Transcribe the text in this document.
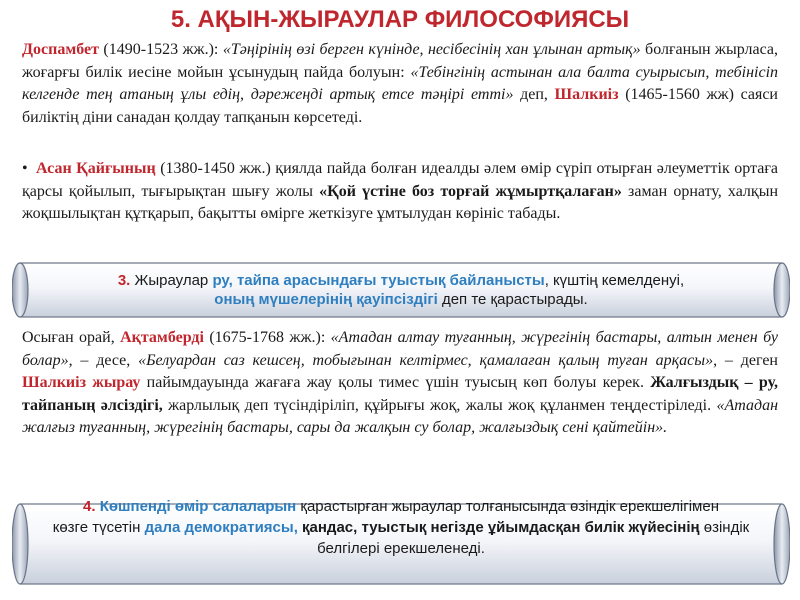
5. АҚЫН-ЖЫРАУЛАР ФИЛОСОФИЯСЫ

Доспамбет (1490-1523 жж.): «Тәңірінің өзі берген күнінде, несібесінің хан ұлынан артық» болғанын жырласа, жоғарғы билік иесіне мойын ұсынудың пайда болуын: «Тебінгінің астынан ала балта суырысып, тебінісіп келгенде тең атаның ұлы едің, дәрежеңді артық етсе тәңірі етті» деп, Шалкиіз (1465-1560 жж) саяси биліктің діни санадан қолдау тапқанын көрсетеді.

• Асан Қайғының (1380-1450 жж.) қиялда пайда болған идеалды әлем өмір сүріп отырған әлеуметтік ортаға қарсы қойылып, тығырықтан шығу жолы «Қой үстіне боз торғай жұмыртқалаған» заман орнату, халқын жоқшылықтан құтқарып, бақытты өмірге жеткізуге ұмтылудан көрініс табады.

3. Жыраулар ру, тайпа арасындағы туыстық байланысты, күштің кемелденуі,
оның мүшелерінің қауіпсіздігі деп те қарастырады.

Осыған орай, Ақтамберді (1675-1768 жж.): «Атадан алтау туғанның, жүрегінің бастары, алтын менен бу болар», – десе, «Белуардан саз кешсең, тобығынан келтірмес, қамалаған қалың туған арқасы», – деген Шалкиіз жырау пайымдауында жағаға жау қолы тимес үшін туысың көп болуы керек. Жалғыздық – ру, тайпаның әлсіздігі, жарлылық деп түсіндіріліп, құйрығы жоқ, жалы жоқ құланмен теңдестіріледі. «Атадан жалғыз туғанның, жүрегінің бастары, сары да жалқын су болар, жалғыздық сені қайтейін».

4. Көшпенді өмір салаларын қарастырған жыраулар толғанысында өзіндік ерекшелігімен
көзге түсетін дала демократиясы, қандас, туыстық негізде ұйымдасқан билік жүйесінің өзіндік белгілері ерекшеленеді.
